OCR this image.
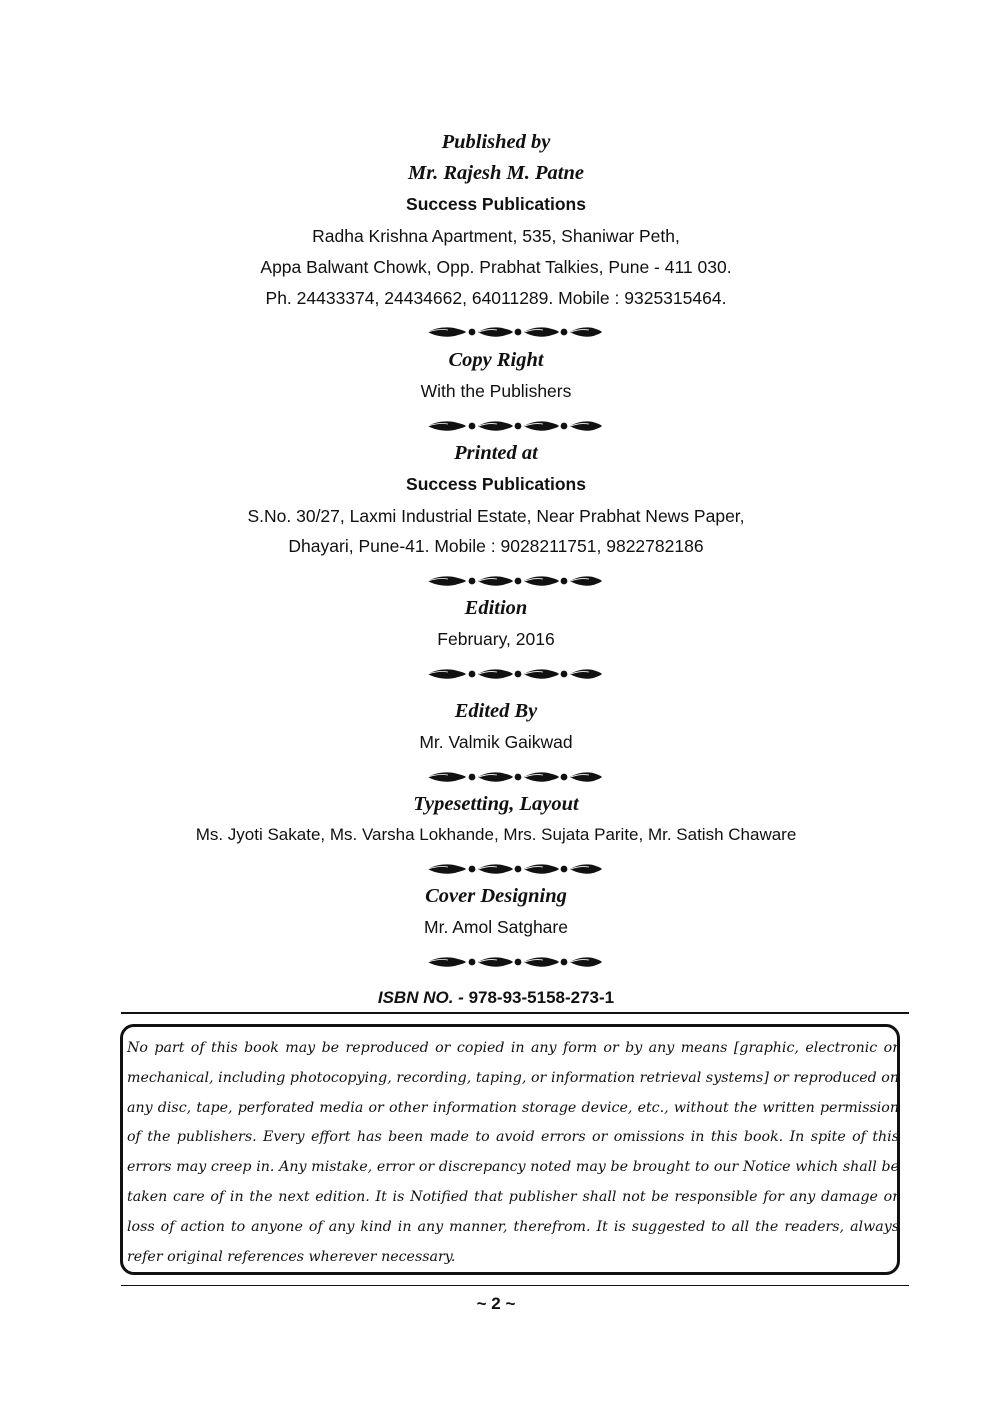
Published by
Mr. Rajesh M. Patne
Success Publications
Radha Krishna Apartment, 535, Shaniwar Peth,
Appa Balwant Chowk, Opp. Prabhat Talkies, Pune - 411 030.
Ph. 24433374, 24434662, 64011289. Mobile : 9325315464.
Copy Right
With the Publishers
Printed at
Success Publications
S.No. 30/27, Laxmi Industrial Estate, Near Prabhat News Paper,
Dhayari, Pune-41. Mobile : 9028211751, 9822782186
Edition
February, 2016
Edited By
Mr. Valmik Gaikwad
Typesetting, Layout
Ms. Jyoti Sakate, Ms. Varsha Lokhande, Mrs. Sujata Parite, Mr. Satish Chaware
Cover Designing
Mr. Amol Satghare
ISBN NO. - 978-93-5158-273-1

No part of this book may be reproduced or copied in any form or by any means [graphic, electronic or mechanical, including photocopying, recording, taping, or information retrieval systems] or reproduced on any disc, tape, perforated media or other information storage device, etc., without the written permission of the publishers. Every effort has been made to avoid errors or omissions in this book. In spite of this errors may creep in. Any mistake, error or discrepancy noted may be brought to our Notice which shall be taken care of in the next edition. It is Notified that publisher shall not be responsible for any damage or loss of action to anyone of any kind in any manner, therefrom. It is suggested to all the readers, always refer original references wherever necessary.

~ 2 ~
